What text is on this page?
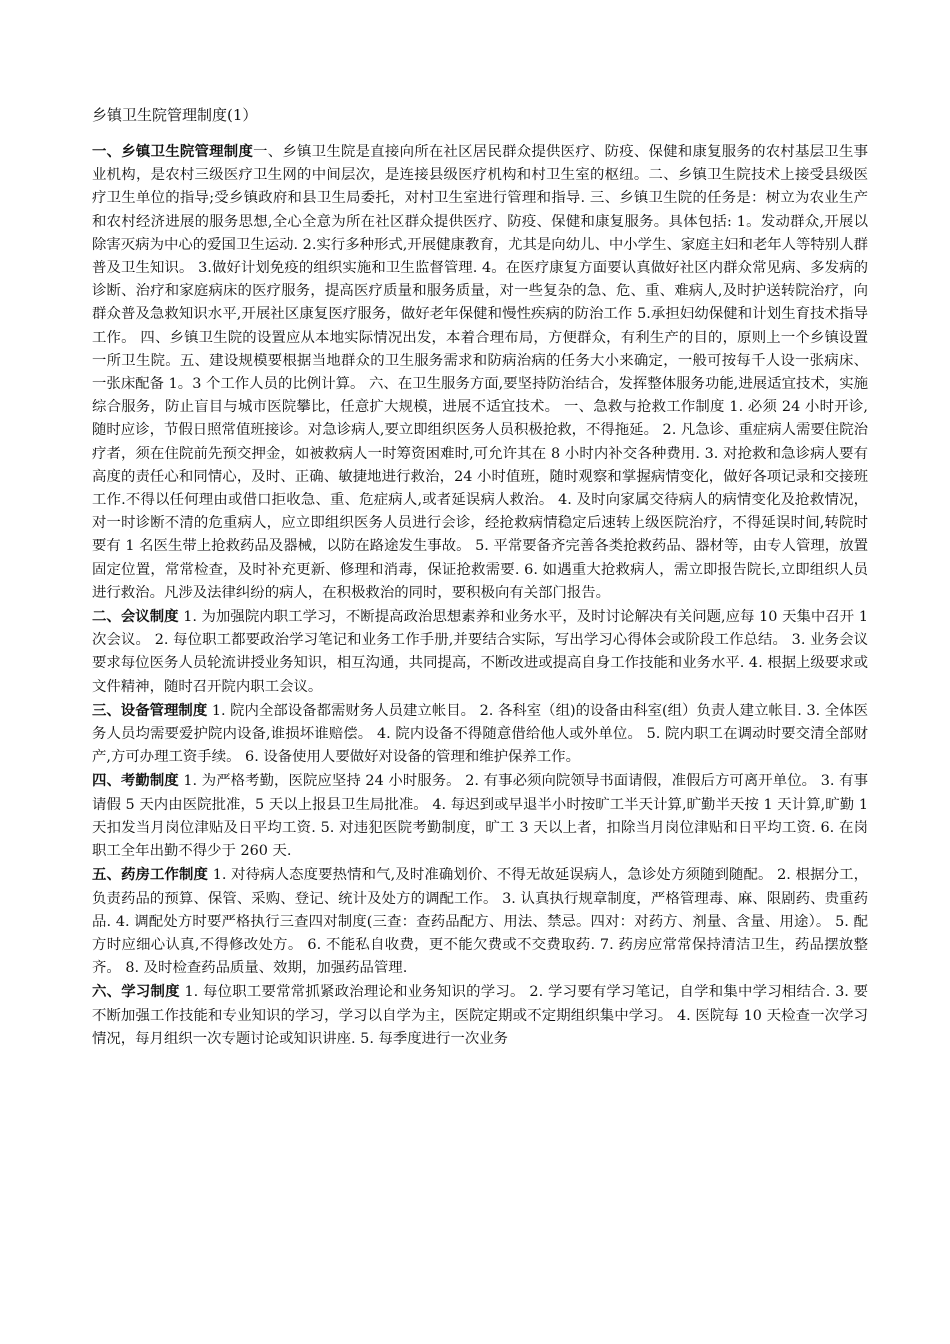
乡镇卫生院管理制度(1）

一、乡镇卫生院管理制度一、乡镇卫生院是直接向所在社区居民群众提供医疗、防疫、保健和康复服务的农村基层卫生事业机构，是农村三级医疗卫生网的中间层次，是连接县级医疗机构和村卫生室的枢纽。二、乡镇卫生院技术上接受县级医疗卫生单位的指导;受乡镇政府和县卫生局委托，对村卫生室进行管理和指导. 三、乡镇卫生院的任务是：树立为农业生产和农村经济进展的服务思想,全心全意为所在社区群众提供医疗、防疫、保健和康复服务。具体包括: 1。发动群众,开展以除害灭病为中心的爱国卫生运动. 2.实行多种形式,开展健康教育，尤其是向幼儿、中小学生、家庭主妇和老年人等特别人群普及卫生知识。 3.做好计划免疫的组织实施和卫生监督管理. 4。在医疗康复方面要认真做好社区内群众常见病、多发病的诊断、治疗和家庭病床的医疗服务，提高医疗质量和服务质量，对一些复杂的急、危、重、难病人,及时护送转院治疗，向群众普及急救知识水平,开展社区康复医疗服务，做好老年保健和慢性疾病的防治工作 5.承担妇幼保健和计划生育技术指导工作。 四、乡镇卫生院的设置应从本地实际情况出发，本着合理布局，方便群众，有利生产的目的，原则上一个乡镇设置一所卫生院。五、建设规模要根据当地群众的卫生服务需求和防病治病的任务大小来确定，一般可按每千人设一张病床、一张床配备 1。3 个工作人员的比例计算。 六、在卫生服务方面,要坚持防治结合，发挥整体服务功能,进展适宜技术，实施综合服务，防止盲目与城市医院攀比，任意扩大规模，进展不适宜技术。 一、急救与抢救工作制度 1. 必须 24 小时开诊,随时应诊，节假日照常值班接诊。对急诊病人,要立即组织医务人员积极抢救，不得拖延。 2. 凡急诊、重症病人需要住院治疗者，须在住院前先预交押金，如被救病人一时筹资困难时,可允许其在 8 小时内补交各种费用. 3. 对抢救和急诊病人要有高度的责任心和同情心，及时、正确、敏捷地进行救治，24 小时值班，随时观察和掌握病情变化，做好各项记录和交接班工作.不得以任何理由或借口拒收急、重、危症病人,或者延误病人救治。 4. 及时向家属交待病人的病情变化及抢救情况，对一时诊断不清的危重病人，应立即组织医务人员进行会诊，经抢救病情稳定后速转上级医院治疗，不得延误时间,转院时要有 1 名医生带上抢救药品及器械，以防在路途发生事故。 5. 平常要备齐完善各类抢救药品、器材等，由专人管理，放置固定位置，常常检查，及时补充更新、修理和消毒，保证抢救需要. 6. 如遇重大抢救病人，需立即报告院长,立即组织人员进行救治。凡涉及法律纠纷的病人，在积极救治的同时，要积极向有关部门报告。

二、会议制度 1. 为加强院内职工学习，不断提高政治思想素养和业务水平，及时讨论解决有关问题,应每 10 天集中召开 1 次会议。 2. 每位职工都要政治学习笔记和业务工作手册,并要结合实际，写出学习心得体会或阶段工作总结。 3. 业务会议要求每位医务人员轮流讲授业务知识，相互沟通，共同提高，不断改进或提高自身工作技能和业务水平. 4. 根据上级要求或文件精神，随时召开院内职工会议。

三、设备管理制度 1. 院内全部设备都需财务人员建立帐目。 2. 各科室（组)的设备由科室(组）负责人建立帐目. 3. 全体医务人员均需要爱护院内设备,谁损坏谁赔偿。 4. 院内设备不得随意借给他人或外单位。 5. 院内职工在调动时要交清全部财产,方可办理工资手续。 6. 设备使用人要做好对设备的管理和维护保养工作。

四、考勤制度 1. 为严格考勤，医院应坚持 24 小时服务。 2. 有事必须向院领导书面请假，准假后方可离开单位。 3. 有事请假 5 天内由医院批准，5 天以上报县卫生局批准。 4. 每迟到或早退半小时按旷工半天计算,旷勤半天按 1 天计算,旷勤 1 天扣发当月岗位津贴及日平均工资. 5. 对违犯医院考勤制度，旷工 3 天以上者，扣除当月岗位津贴和日平均工资. 6. 在岗职工全年出勤不得少于 260 天.

五、药房工作制度 1. 对待病人态度要热情和气,及时准确划价、不得无故延误病人，急诊处方须随到随配。 2. 根据分工，负责药品的预算、保管、采购、登记、统计及处方的调配工作。 3. 认真执行规章制度，严格管理毒、麻、限剧药、贵重药品. 4. 调配处方时要严格执行三查四对制度(三查：查药品配方、用法、禁忌。四对：对药方、剂量、含量、用途）。 5. 配方时应细心认真,不得修改处方。 6. 不能私自收费，更不能欠费或不交费取药. 7. 药房应常常保持清洁卫生，药品摆放整齐。 8. 及时检查药品质量、效期，加强药品管理.

六、学习制度 1. 每位职工要常常抓紧政治理论和业务知识的学习。 2. 学习要有学习笔记，自学和集中学习相结合. 3. 要不断加强工作技能和专业知识的学习，学习以自学为主，医院定期或不定期组织集中学习。 4. 医院每 10 天检查一次学习情况，每月组织一次专题讨论或知识讲座. 5. 每季度进行一次业务
